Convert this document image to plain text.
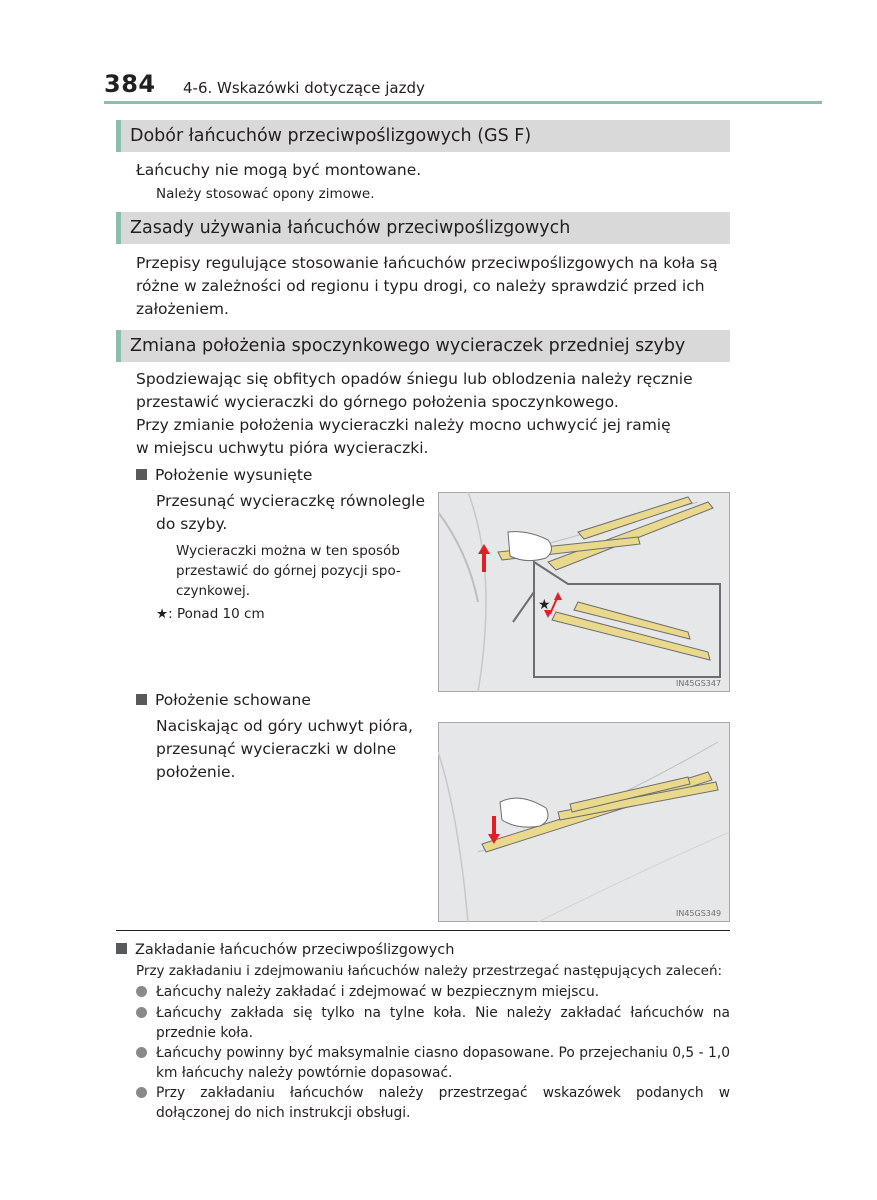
384 4-6. Wskazówki dotyczące jazdy
Dobór łańcuchów przeciwpoślizgowych (GS F)
Łańcuchy nie mogą być montowane.
Należy stosować opony zimowe.
Zasady używania łańcuchów przeciwpoślizgowych
Przepisy regulujące stosowanie łańcuchów przeciwpoślizgowych na koła są
różne w zależności od regionu i typu drogi, co należy sprawdzić przed ich
założeniem.
Zmiana położenia spoczynkowego wycieraczek przedniej szyby
Spodziewając się obfitych opadów śniegu lub oblodzenia należy ręcznie
przestawić wycieraczki do górnego położenia spoczynkowego.
Przy zmianie położenia wycieraczki należy mocno uchwycić jej ramię
w miejscu uchwytu pióra wycieraczki.
Położenie wysunięte
Przesunąć wycieraczkę równolegle
do szyby.
Wycieraczki można w ten sposób
przestawić do górnej pozycji spo-
czynkowej.
★: Ponad 10 cm
★
IN45GS347
Położenie schowane
Naciskając od góry uchwyt pióra,
przesunąć wycieraczki w dolne
położenie.
IN45GS349
Zakładanie łańcuchów przeciwpoślizgowych
Przy zakładaniu i zdejmowaniu łańcuchów należy przestrzegać następujących zaleceń:
Łańcuchy należy zakładać i zdejmować w bezpiecznym miejscu.
Łańcuchy zakłada się tylko na tylne koła. Nie należy zakładać łańcuchów na przednie koła.
Łańcuchy powinny być maksymalnie ciasno dopasowane. Po przejechaniu 0,5 - 1,0 km łańcuchy należy powtórnie dopasować.
Przy zakładaniu łańcuchów należy przestrzegać wskazówek podanych w dołączonej do nich instrukcji obsługi.
